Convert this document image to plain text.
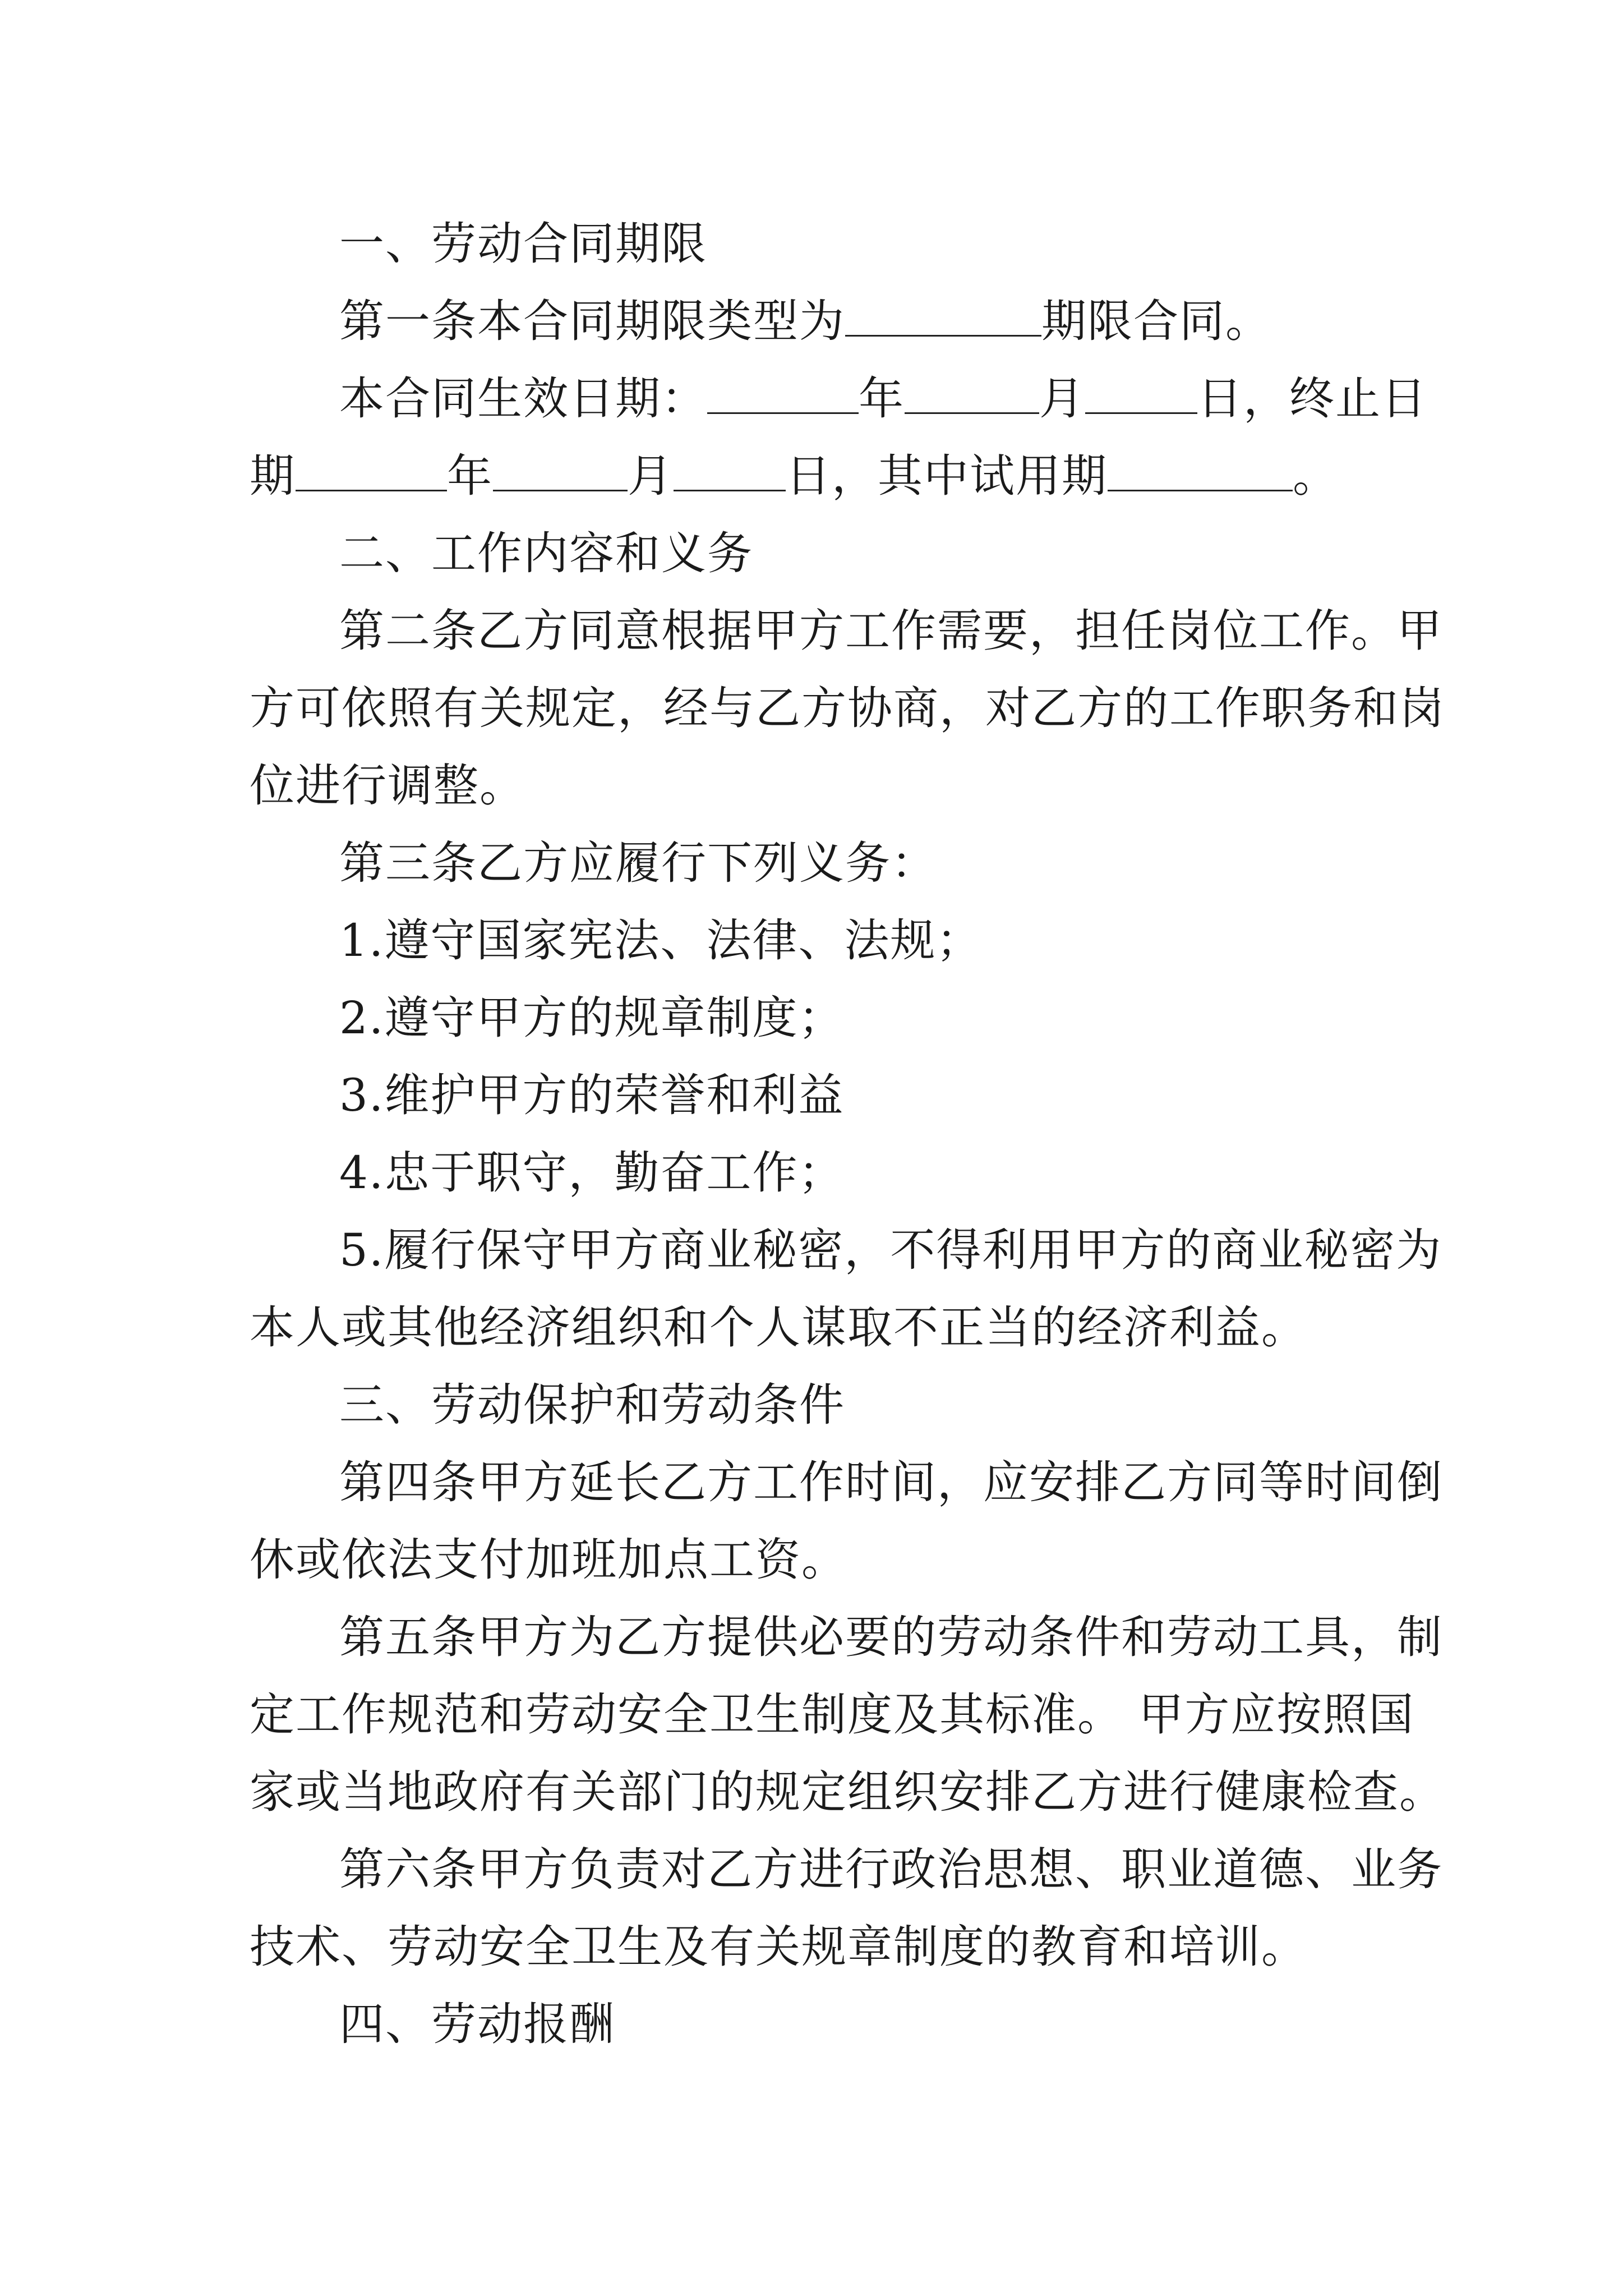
一、劳动合同期限
第一条本合同期限类型为	期限合同。
本合同生效日期：	年	月	日，终止日
期	年	月	日，其中试用期	。
二、工作内容和义务
第二条乙方同意根据甲方工作需要，担任岗位工作。甲
方可依照有关规定，经与乙方协商，对乙方的工作职务和岗
位进行调整。
第三条乙方应履行下列义务：
1.遵守国家宪法、法律、法规；
2.遵守甲方的规章制度；
3.维护甲方的荣誉和利益
4.忠于职守，勤奋工作；
5.履行保守甲方商业秘密，不得利用甲方的商业秘密为
本人或其他经济组织和个人谋取不正当的经济利益。
三、劳动保护和劳动条件
第四条甲方延长乙方工作时间，应安排乙方同等时间倒
休或依法支付加班加点工资。
第五条甲方为乙方提供必要的劳动条件和劳动工具，制
定工作规范和劳动安全卫生制度及其标准。 甲方应按照国
家或当地政府有关部门的规定组织安排乙方进行健康检查。
第六条甲方负责对乙方进行政治思想、职业道德、业务
技术、劳动安全卫生及有关规章制度的教育和培训。
四、劳动报酬
